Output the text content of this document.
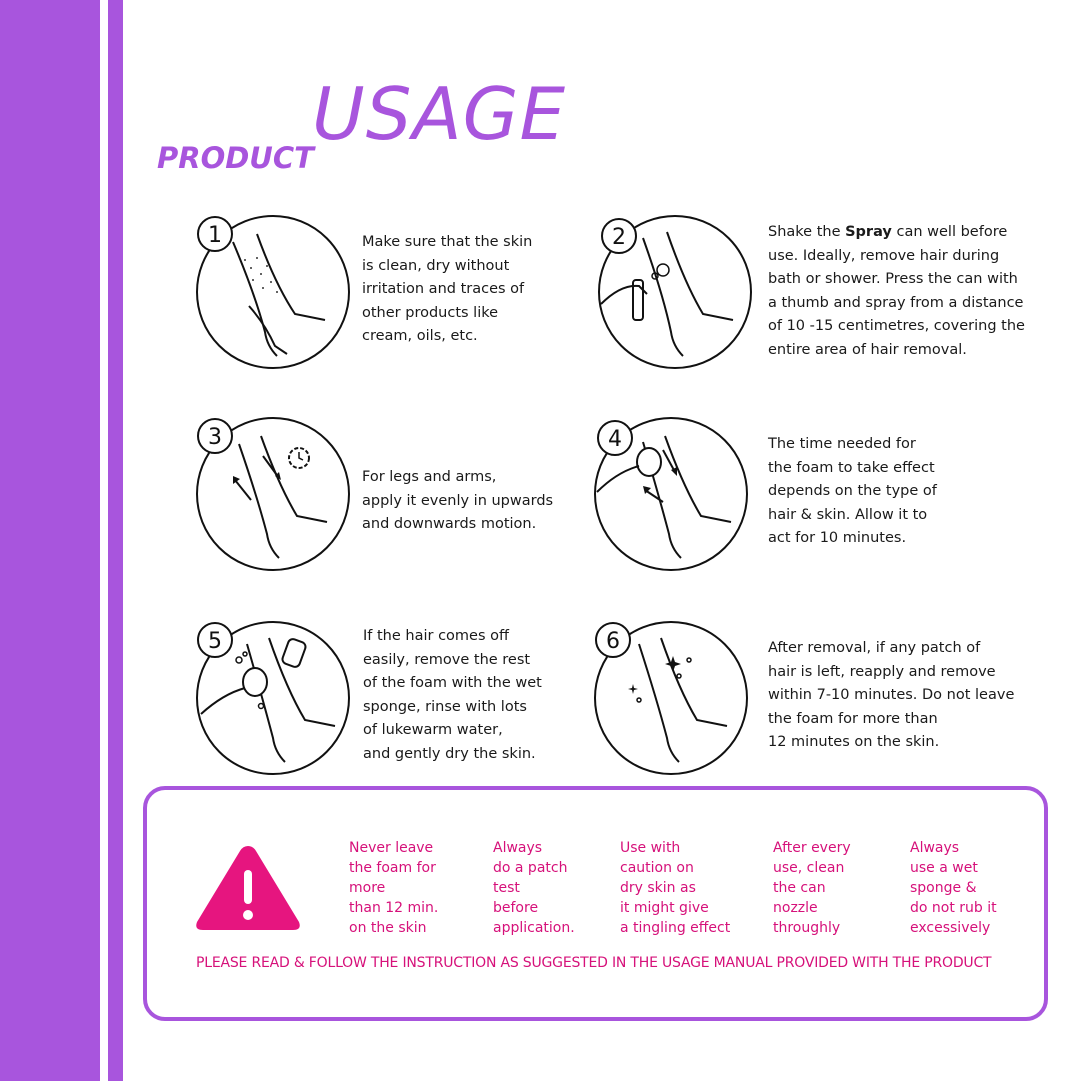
USAGE
PRODUCT
1	Make sure that the skin
is clean, dry without
irritation and traces of
other products like
cream, oils, etc.

2	Shake the Spray can well before
use. Ideally, remove hair during
bath or shower. Press the can with
a thumb and spray from a distance
of 10 -15 centimetres, covering the
entire area of hair removal.

3

For legs and arms,
apply it evenly in upwards
and downwards motion.

4	The time needed for
the foam to take effect
depends on the type of
hair & skin. Allow it to
act for 10 minutes.

5	If the hair comes off
easily, remove the rest
of the foam with the wet
sponge, rinse with lots
of lukewarm water,
and gently dry the skin.

6	After removal, if any patch of
hair is left, reapply and remove
within 7-10 minutes. Do not leave
the foam for more than
12 minutes on the skin.

Never leave
the foam for
more
than 12 min.
on the skin

Always
do a patch
test
before
application.

Use with
caution on
dry skin as
it might give
a tingling effect

After every
use, clean
the can
nozzle
throughly

Always
use a wet
sponge &
do not rub it
excessively

PLEASE READ & FOLLOW THE INSTRUCTION AS SUGGESTED IN THE USAGE MANUAL PROVIDED WITH THE PRODUCT
